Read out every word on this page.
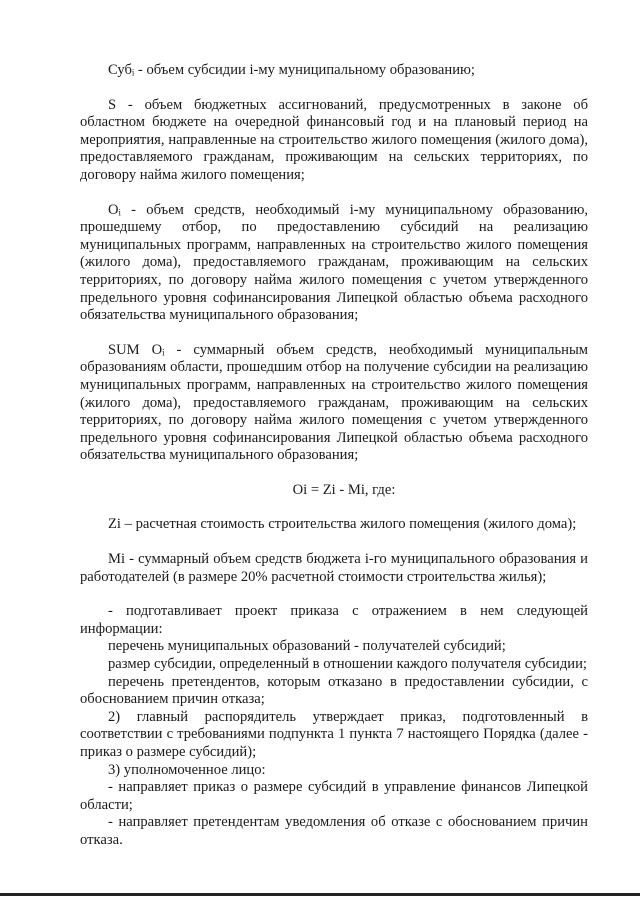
Субᵢ - объем субсидии i-му муниципальному образованию;

S - объем бюджетных ассигнований, предусмотренных в законе об областном бюджете на очередной финансовый год и на плановый период на мероприятия, направленные на строительство жилого помещения (жилого дома), предоставляемого гражданам, проживающим на сельских территориях, по договору найма жилого помещения;

Oᵢ - объем средств, необходимый i-му муниципальному образованию, прошедшему отбор, по предоставлению субсидий на реализацию муниципальных программ, направленных на строительство жилого помещения (жилого дома), предоставляемого гражданам, проживающим на сельских территориях, по договору найма жилого помещения с учетом утвержденного предельного уровня софинансирования Липецкой областью объема расходного обязательства муниципального образования;

SUM Oᵢ - суммарный объем средств, необходимый муниципальным образованиям области, прошедшим отбор на получение субсидии на реализацию муниципальных программ, направленных на строительство жилого помещения (жилого дома), предоставляемого гражданам, проживающим на сельских территориях, по договору найма жилого помещения с учетом утвержденного предельного уровня софинансирования Липецкой областью объема расходного обязательства муниципального образования;

Oi = Zi - Mi, где:

Zi – расчетная стоимость строительства жилого помещения (жилого дома);

Mi - суммарный объем средств бюджета i-го муниципального образования и работодателей (в размере 20% расчетной стоимости строительства жилья);

- подготавливает проект приказа с отражением в нем следующей информации:

перечень муниципальных образований - получателей субсидий;

размер субсидии, определенный в отношении каждого получателя субсидии;

перечень претендентов, которым отказано в предоставлении субсидии, с обоснованием причин отказа;

2) главный распорядитель утверждает приказ, подготовленный в соответствии с требованиями подпункта 1 пункта 7 настоящего Порядка (далее - приказ о размере субсидий);

3) уполномоченное лицо:

- направляет приказ о размере субсидий в управление финансов Липецкой области;

- направляет претендентам уведомления об отказе с обоснованием причин отказа.
